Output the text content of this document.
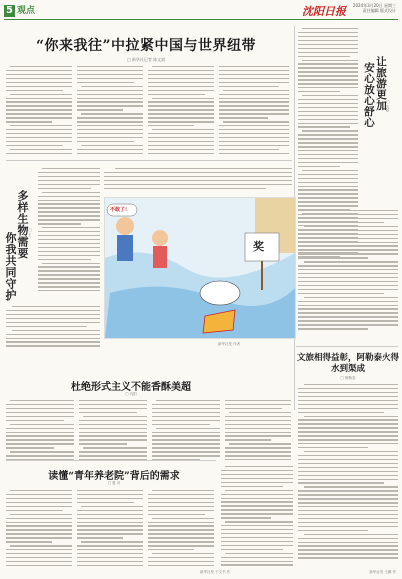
5 观点	沈阳日报 2024年3月20日 星期三
责任编辑 版式设计
“你来我往”中拉紧中国与世界纽带
□ 新华社记者 陈文斌	让旅游更加
安心放心舒心	□ 沈阳
多样生物需要
你我共同守护	□ 王一
不敢了!
奖
新华社发 作者
杜绝形式主义不能香酥美超
□ 沈阳
文旅相得益彰，阿勒泰火得水到渠成
□ 阿勒泰
读懂“青年养老院”背后的需求
□ 夏 可
新华社发 于文书 作	新华社发 王鹏 作
